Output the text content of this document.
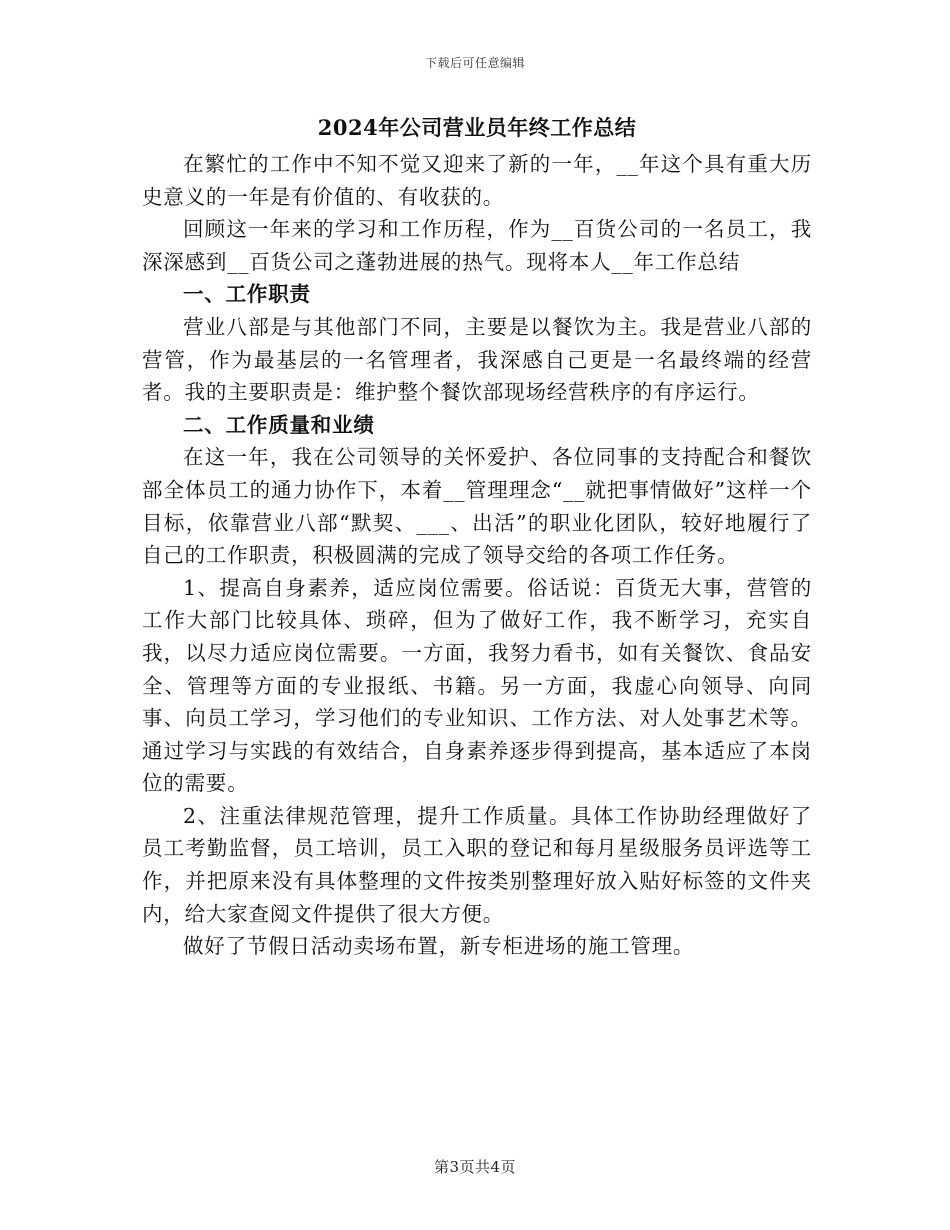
下载后可任意编辑
2024年公司营业员年终工作总结

在繁忙的工作中不知不觉又迎来了新的一年，__年这个具有重大历史意义的一年是有价值的、有收获的。

回顾这一年来的学习和工作历程，作为__百货公司的一名员工，我深深感到__百货公司之蓬勃进展的热气。现将本人__年工作总结

一、工作职责

营业八部是与其他部门不同，主要是以餐饮为主。我是营业八部的营管，作为最基层的一名管理者，我深感自己更是一名最终端的经营者。我的主要职责是：维护整个餐饮部现场经营秩序的有序运行。

二、工作质量和业绩

在这一年，我在公司领导的关怀爱护、各位同事的支持配合和餐饮部全体员工的通力协作下，本着__管理理念“__就把事情做好”这样一个目标，依靠营业八部“默契、___、出活”的职业化团队，较好地履行了自己的工作职责，积极圆满的完成了领导交给的各项工作任务。

1、提高自身素养，适应岗位需要。俗话说：百货无大事，营管的工作大部门比较具体、琐碎，但为了做好工作，我不断学习，充实自我，以尽力适应岗位需要。一方面，我努力看书，如有关餐饮、食品安全、管理等方面的专业报纸、书籍。另一方面，我虚心向领导、向同事、向员工学习，学习他们的专业知识、工作方法、对人处事艺术等。通过学习与实践的有效结合，自身素养逐步得到提高，基本适应了本岗位的需要。

2、注重法律规范管理，提升工作质量。具体工作协助经理做好了员工考勤监督，员工培训，员工入职的登记和每月星级服务员评选等工作，并把原来没有具体整理的文件按类别整理好放入贴好标签的文件夹内，给大家查阅文件提供了很大方便。

做好了节假日活动卖场布置，新专柜进场的施工管理。

第3页共4页
